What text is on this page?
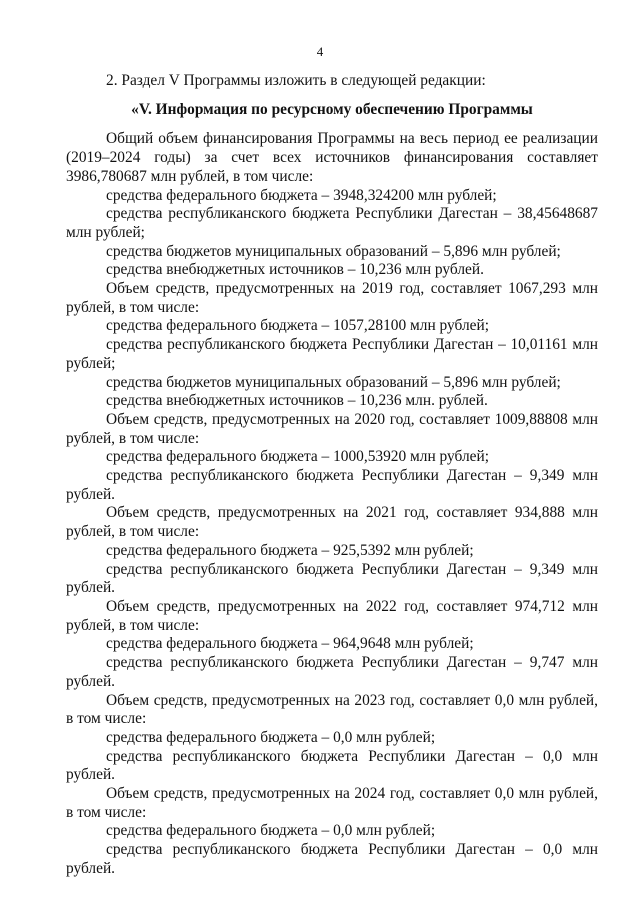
4

2. Раздел V Программы изложить в следующей редакции:

«V. Информация по ресурсному обеспечению Программы

Общий объем финансирования Программы на весь период ее реализации (2019–2024 годы) за счет всех источников финансирования составляет 3986,780687 млн рублей, в том числе:

средства федерального бюджета – 3948,324200 млн рублей;

средства республиканского бюджета Республики Дагестан – 38,45648687 млн рублей;

средства бюджетов муниципальных образований – 5,896 млн рублей;

средства внебюджетных источников – 10,236 млн рублей.

Объем средств, предусмотренных на 2019 год, составляет 1067,293 млн рублей, в том числе:

средства федерального бюджета – 1057,28100 млн рублей;

средства республиканского бюджета Республики Дагестан – 10,01161 млн рублей;

средства бюджетов муниципальных образований – 5,896 млн рублей;

средства внебюджетных источников – 10,236 млн. рублей.

Объем средств, предусмотренных на 2020 год, составляет 1009,88808 млн рублей, в том числе:

средства федерального бюджета – 1000,53920 млн рублей;

средства республиканского бюджета Республики Дагестан – 9,349 млн рублей.

Объем средств, предусмотренных на 2021 год, составляет 934,888 млн рублей, в том числе:

средства федерального бюджета – 925,5392 млн рублей;

средства республиканского бюджета Республики Дагестан – 9,349 млн рублей.

Объем средств, предусмотренных на 2022 год, составляет 974,712 млн рублей, в том числе:

средства федерального бюджета – 964,9648 млн рублей;

средства республиканского бюджета Республики Дагестан – 9,747 млн рублей.

Объем средств, предусмотренных на 2023 год, составляет 0,0 млн рублей, в том числе:

средства федерального бюджета – 0,0 млн рублей;

средства республиканского бюджета Республики Дагестан – 0,0 млн рублей.

Объем средств, предусмотренных на 2024 год, составляет 0,0 млн рублей, в том числе:

средства федерального бюджета – 0,0 млн рублей;

средства республиканского бюджета Республики Дагестан – 0,0 млн рублей.
